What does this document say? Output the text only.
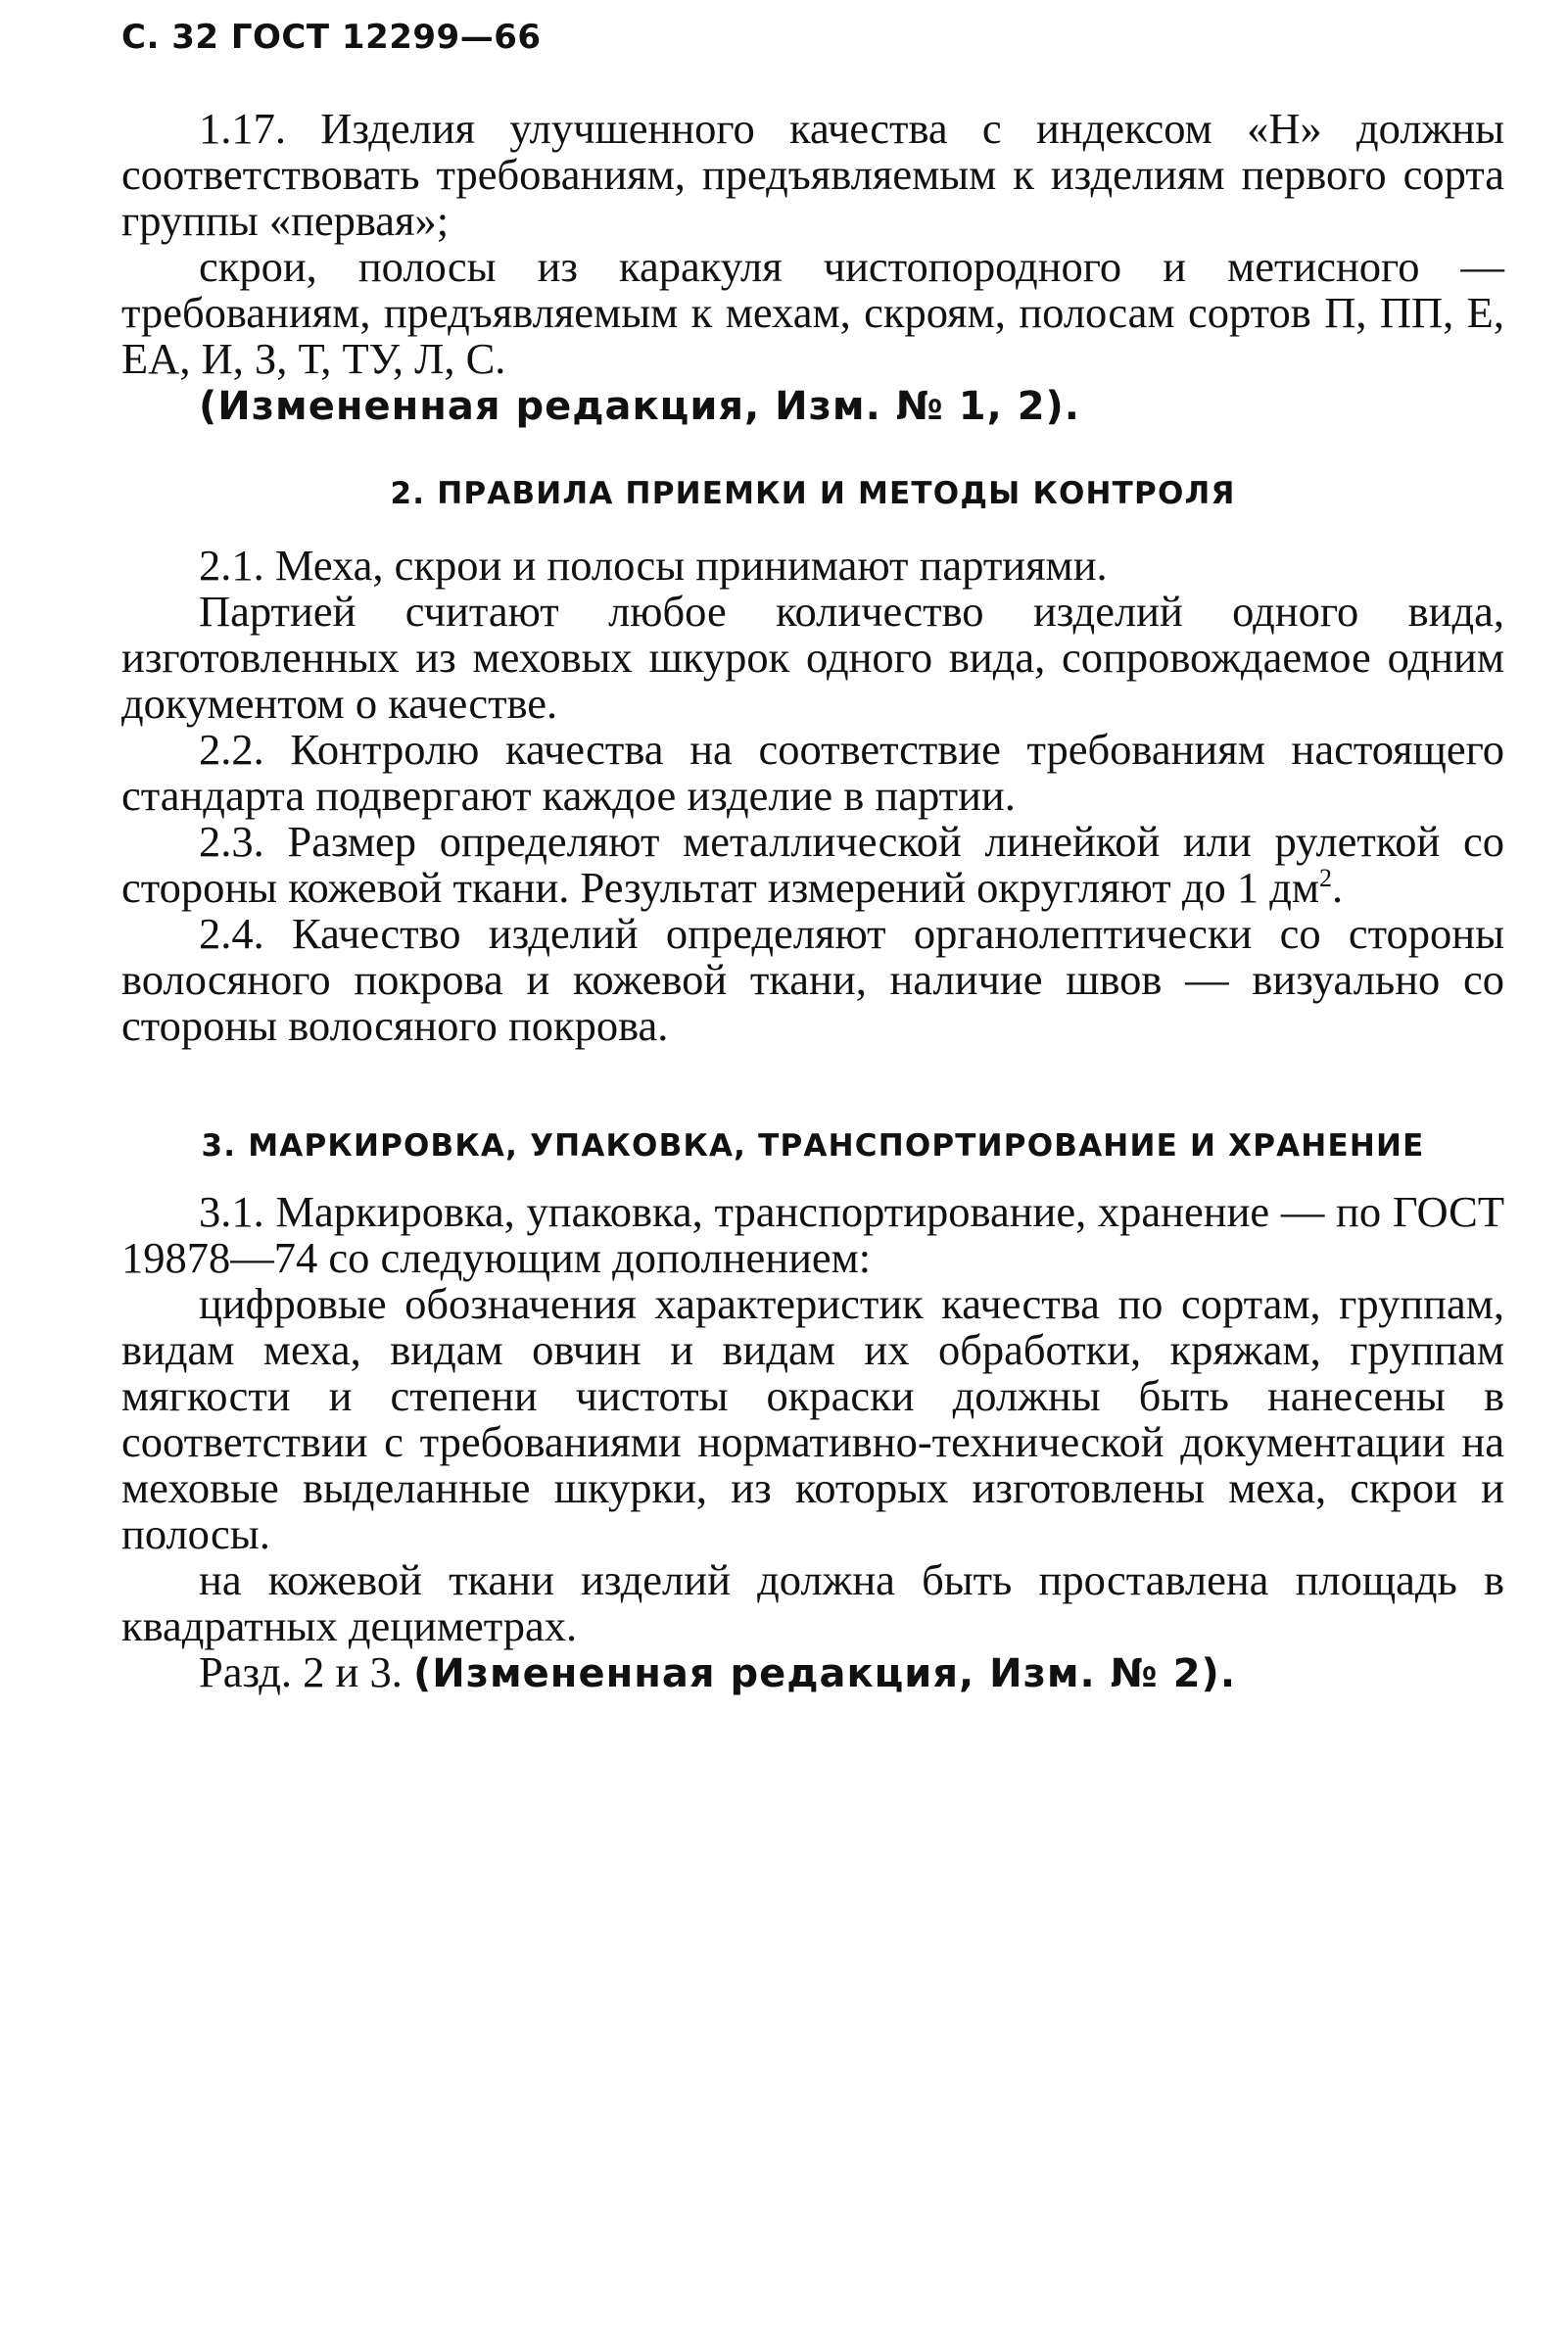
С. 32 ГОСТ 12299—66

1.17. Изделия улучшенного качества с индексом «Н» должны соответствовать требованиям, предъявляемым к изделиям первого сорта группы «первая»;

скрои, полосы из каракуля чистопородного и метисного — требованиям, предъявляемым к мехам, скроям, полосам сортов П, ПП, Е, ЕА, И, З, Т, ТУ, Л, С.

(Измененная редакция, Изм. № 1, 2).

2. ПРАВИЛА ПРИЕМКИ И МЕТОДЫ КОНТРОЛЯ

2.1. Меха, скрои и полосы принимают партиями.

Партией считают любое количество изделий одного вида, изготовленных из меховых шкурок одного вида, сопровождаемое одним документом о качестве.

2.2. Контролю качества на соответствие требованиям настоящего стандарта подвергают каждое изделие в партии.

2.3. Размер определяют металлической линейкой или рулеткой со стороны кожевой ткани. Результат измерений округляют до 1 $дм^2$.

2.4. Качество изделий определяют органолептически со стороны волосяного покрова и кожевой ткани, наличие швов — визуально со стороны волосяного покрова.

3. МАРКИРОВКА, УПАКОВКА, ТРАНСПОРТИРОВАНИЕ И ХРАНЕНИЕ

3.1. Маркировка, упаковка, транспортирование, хранение — по ГОСТ 19878—74 со следующим дополнением:

цифровые обозначения характеристик качества по сортам, группам, видам меха, видам овчин и видам их обработки, кряжам, группам мягкости и степени чистоты окраски должны быть нанесены в соответствии с требованиями нормативно-технической документации на меховые выделанные шкурки, из которых изготовлены меха, скрои и полосы.

на кожевой ткани изделий должна быть проставлена площадь в квадратных дециметрах.

Разд. 2 и 3. (Измененная редакция, Изм. № 2).
